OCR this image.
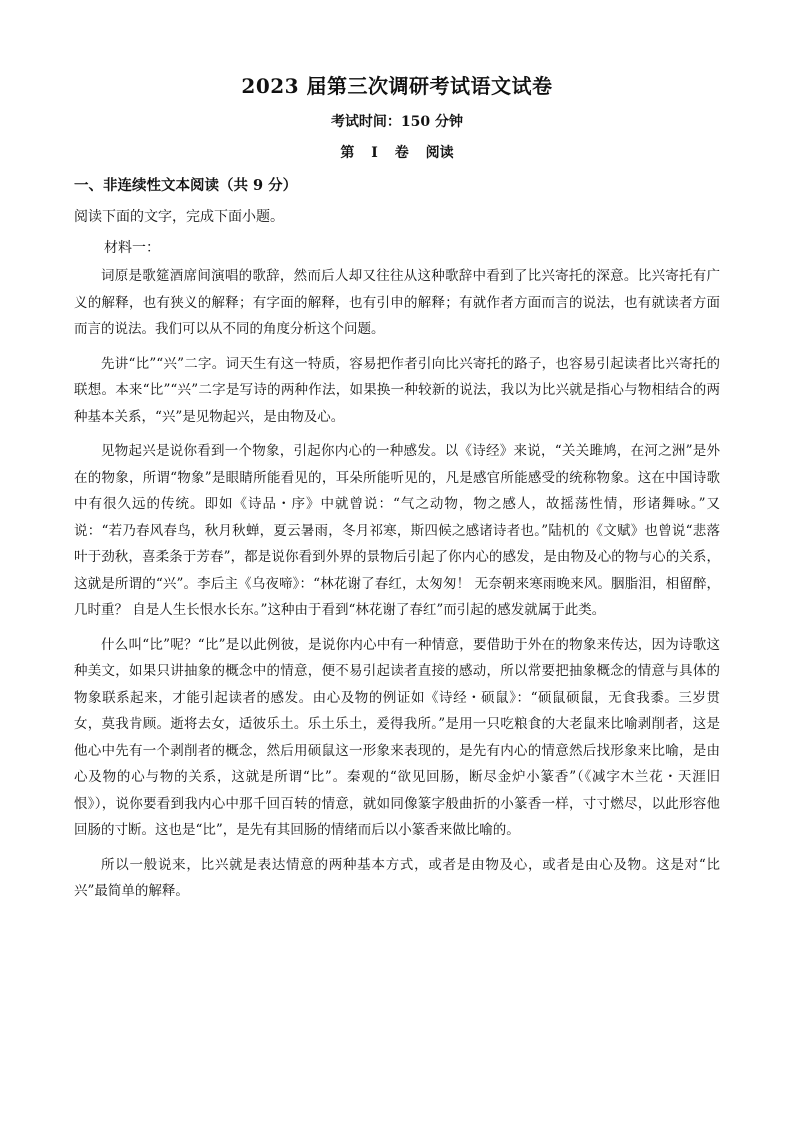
2023 届第三次调研考试语文试卷
考试时间：150 分钟
第 I 卷 阅读
一、非连续性文本阅读（共 9 分）
阅读下面的文字，完成下面小题。
材料一：

词原是歌筵酒席间演唱的歌辞，然而后人却又往往从这种歌辞中看到了比兴寄托的深意。比兴寄托有广义的解释，也有狭义的解释；有字面的解释，也有引申的解释；有就作者方面而言的说法，也有就读者方面而言的说法。我们可以从不同的角度分析这个问题。

先讲“比”“兴”二字。词天生有这一特质，容易把作者引向比兴寄托的路子，也容易引起读者比兴寄托的联想。本来“比”“兴”二字是写诗的两种作法，如果换一种较新的说法，我以为比兴就是指心与物相结合的两种基本关系，“兴”是见物起兴，是由物及心。

见物起兴是说你看到一个物象，引起你内心的一种感发。以《诗经》来说，“关关雎鸠，在河之洲”是外在的物象，所谓“物象”是眼睛所能看见的，耳朵所能听见的，凡是感官所能感受的统称物象。这在中国诗歌中有很久远的传统。即如《诗品・序》中就曾说：“气之动物，物之感人，故摇荡性情，形诸舞咏。”又说：“若乃春风春鸟，秋月秋蝉，夏云暑雨，冬月祁寒，斯四候之感诸诗者也。”陆机的《文赋》也曾说“悲落叶于劲秋，喜柔条于芳春”，都是说你看到外界的景物后引起了你内心的感发，是由物及心的物与心的关系，这就是所谓的“兴”。李后主《乌夜啼》：“林花谢了春红，太匆匆！ 无奈朝来寒雨晚来风。胭脂泪，相留醉，几时重？ 自是人生长恨水长东。”这种由于看到“林花谢了春红”而引起的感发就属于此类。

什么叫“比”呢？“比”是以此例彼，是说你内心中有一种情意，要借助于外在的物象来传达，因为诗歌这种美文，如果只讲抽象的概念中的情意，便不易引起读者直接的感动，所以常要把抽象概念的情意与具体的物象联系起来，才能引起读者的感发。由心及物的例证如《诗经・硕鼠》：“硕鼠硕鼠，无食我黍。三岁贯女，莫我肯顾。逝将去女，适彼乐土。乐土乐土，爰得我所。”是用一只吃粮食的大老鼠来比喻剥削者，这是他心中先有一个剥削者的概念，然后用硕鼠这一形象来表现的，是先有内心的情意然后找形象来比喻，是由心及物的心与物的关系，这就是所谓“比”。秦观的“欲见回肠，断尽金炉小篆香”（《减字木兰花・天涯旧恨》），说你要看到我内心中那千回百转的情意，就如同像篆字般曲折的小篆香一样，寸寸燃尽，以此形容他回肠的寸断。这也是“比”，是先有其回肠的情绪而后以小篆香来做比喻的。

所以一般说来，比兴就是表达情意的两种基本方式，或者是由物及心，或者是由心及物。这是对“比兴”最简单的解释。
